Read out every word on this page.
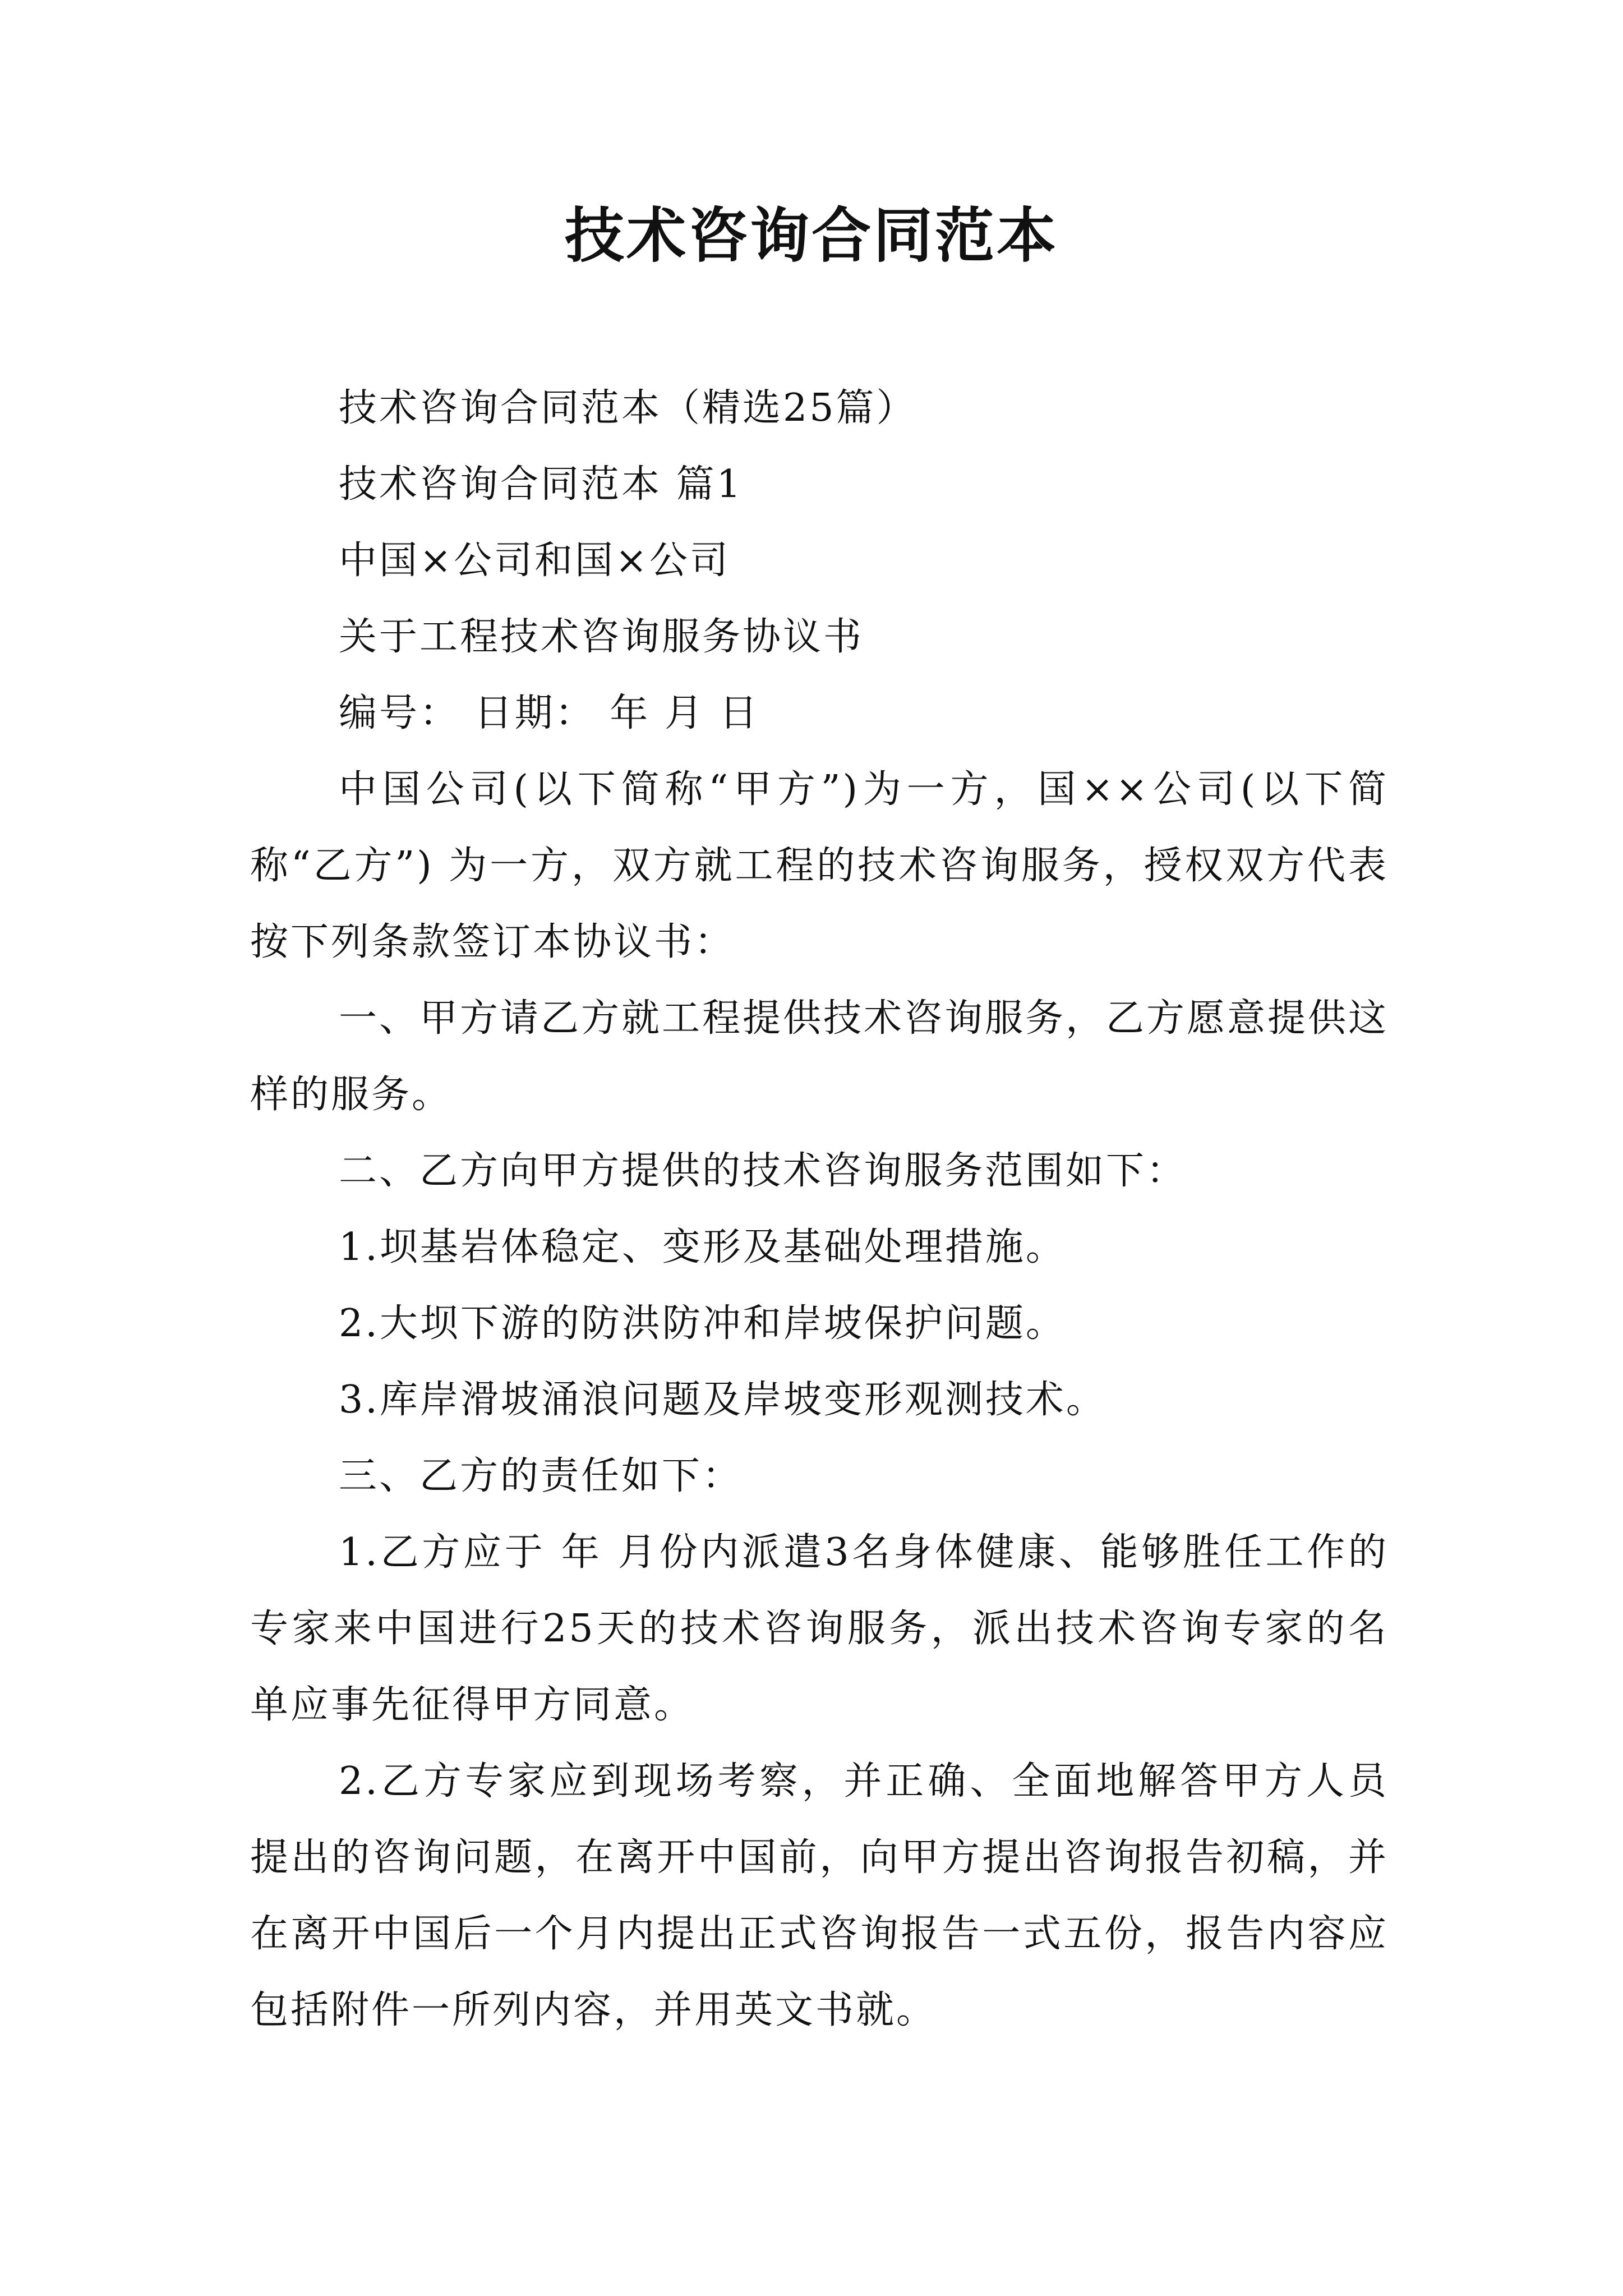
技术咨询合同范本

技术咨询合同范本（精选25篇）

技术咨询合同范本 篇1

中国×公司和国×公司

关于工程技术咨询服务协议书

编号： 日期： 年 月 日

中国公司(以下简称“甲方”)为一方，国××公司(以下简称“乙方”) 为一方，双方就工程的技术咨询服务，授权双方代表按下列条款签订本协议书：

一、甲方请乙方就工程提供技术咨询服务，乙方愿意提供这样的服务。

二、乙方向甲方提供的技术咨询服务范围如下：

1.坝基岩体稳定、变形及基础处理措施。

2.大坝下游的防洪防冲和岸坡保护问题。

3.库岸滑坡涌浪问题及岸坡变形观测技术。

三、乙方的责任如下：

1.乙方应于 年 月份内派遣3名身体健康、能够胜任工作的专家来中国进行25天的技术咨询服务，派出技术咨询专家的名单应事先征得甲方同意。

2.乙方专家应到现场考察，并正确、全面地解答甲方人员提出的咨询问题，在离开中国前，向甲方提出咨询报告初稿，并在离开中国后一个月内提出正式咨询报告一式五份，报告内容应包括附件一所列内容，并用英文书就。
